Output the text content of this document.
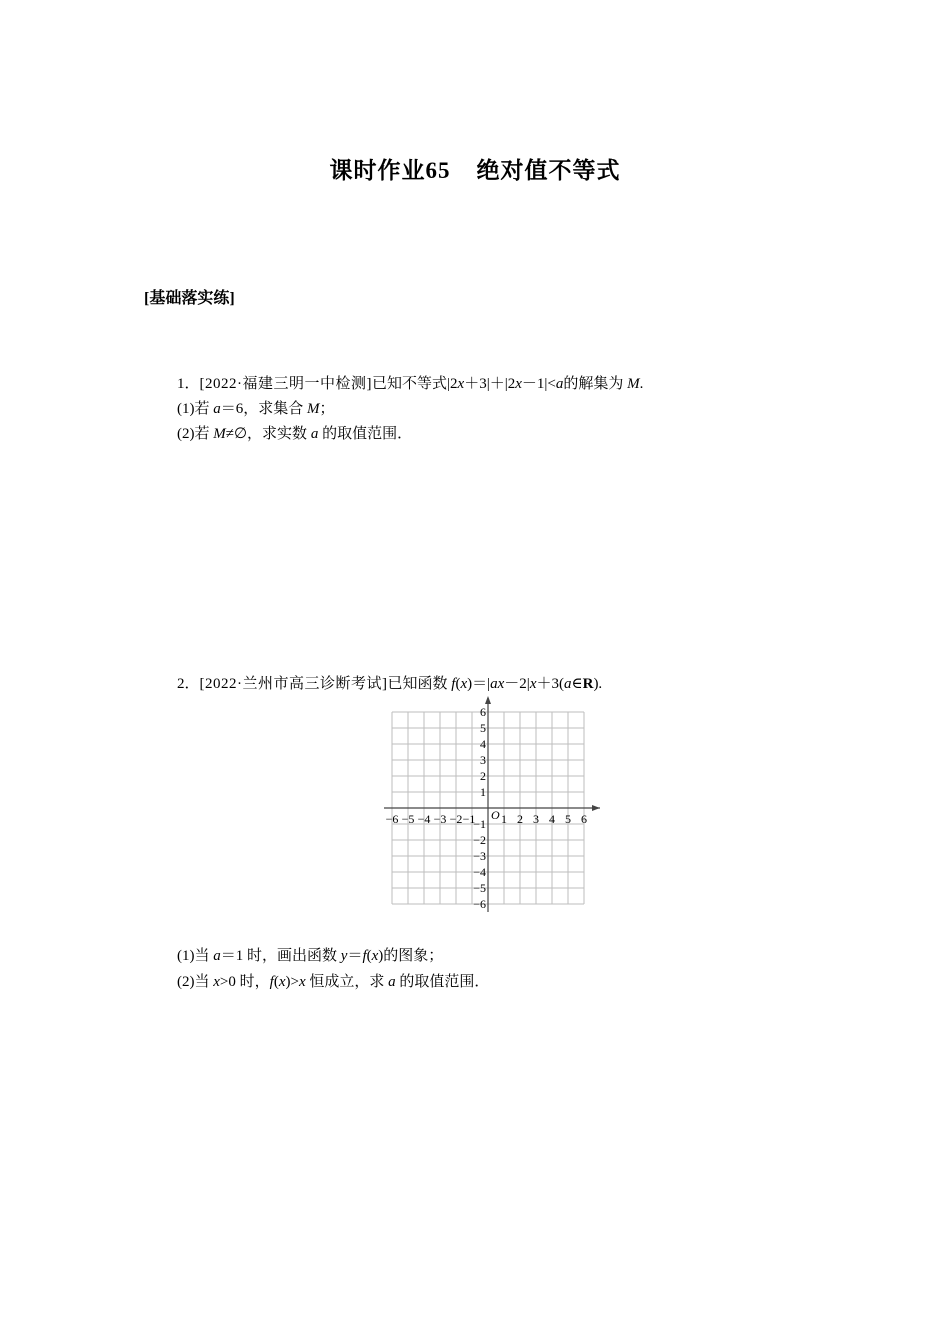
课时作业65 绝对值不等式
[基础落实练]
1．[2022·福建三明一中检测]已知不等式|2x＋3|＋|2x－1|<a的解集为 M.
(1)若 a＝6，求集合 M；
(2)若 M≠∅，求实数 a 的取值范围．
2．[2022·兰州市高三诊断考试]已知函数 f(x)＝|ax－2|x＋3(a∈R).
−6 −5 −4 −3 −2 −1 1 2 3 4 5 6
1
2
3
4
5
6
−1
−2
−3
−4
−5
−6
O
(1)当 a＝1 时，画出函数 y＝f(x)的图象；
(2)当 x>0 时，f(x)>x 恒成立，求 a 的取值范围．
